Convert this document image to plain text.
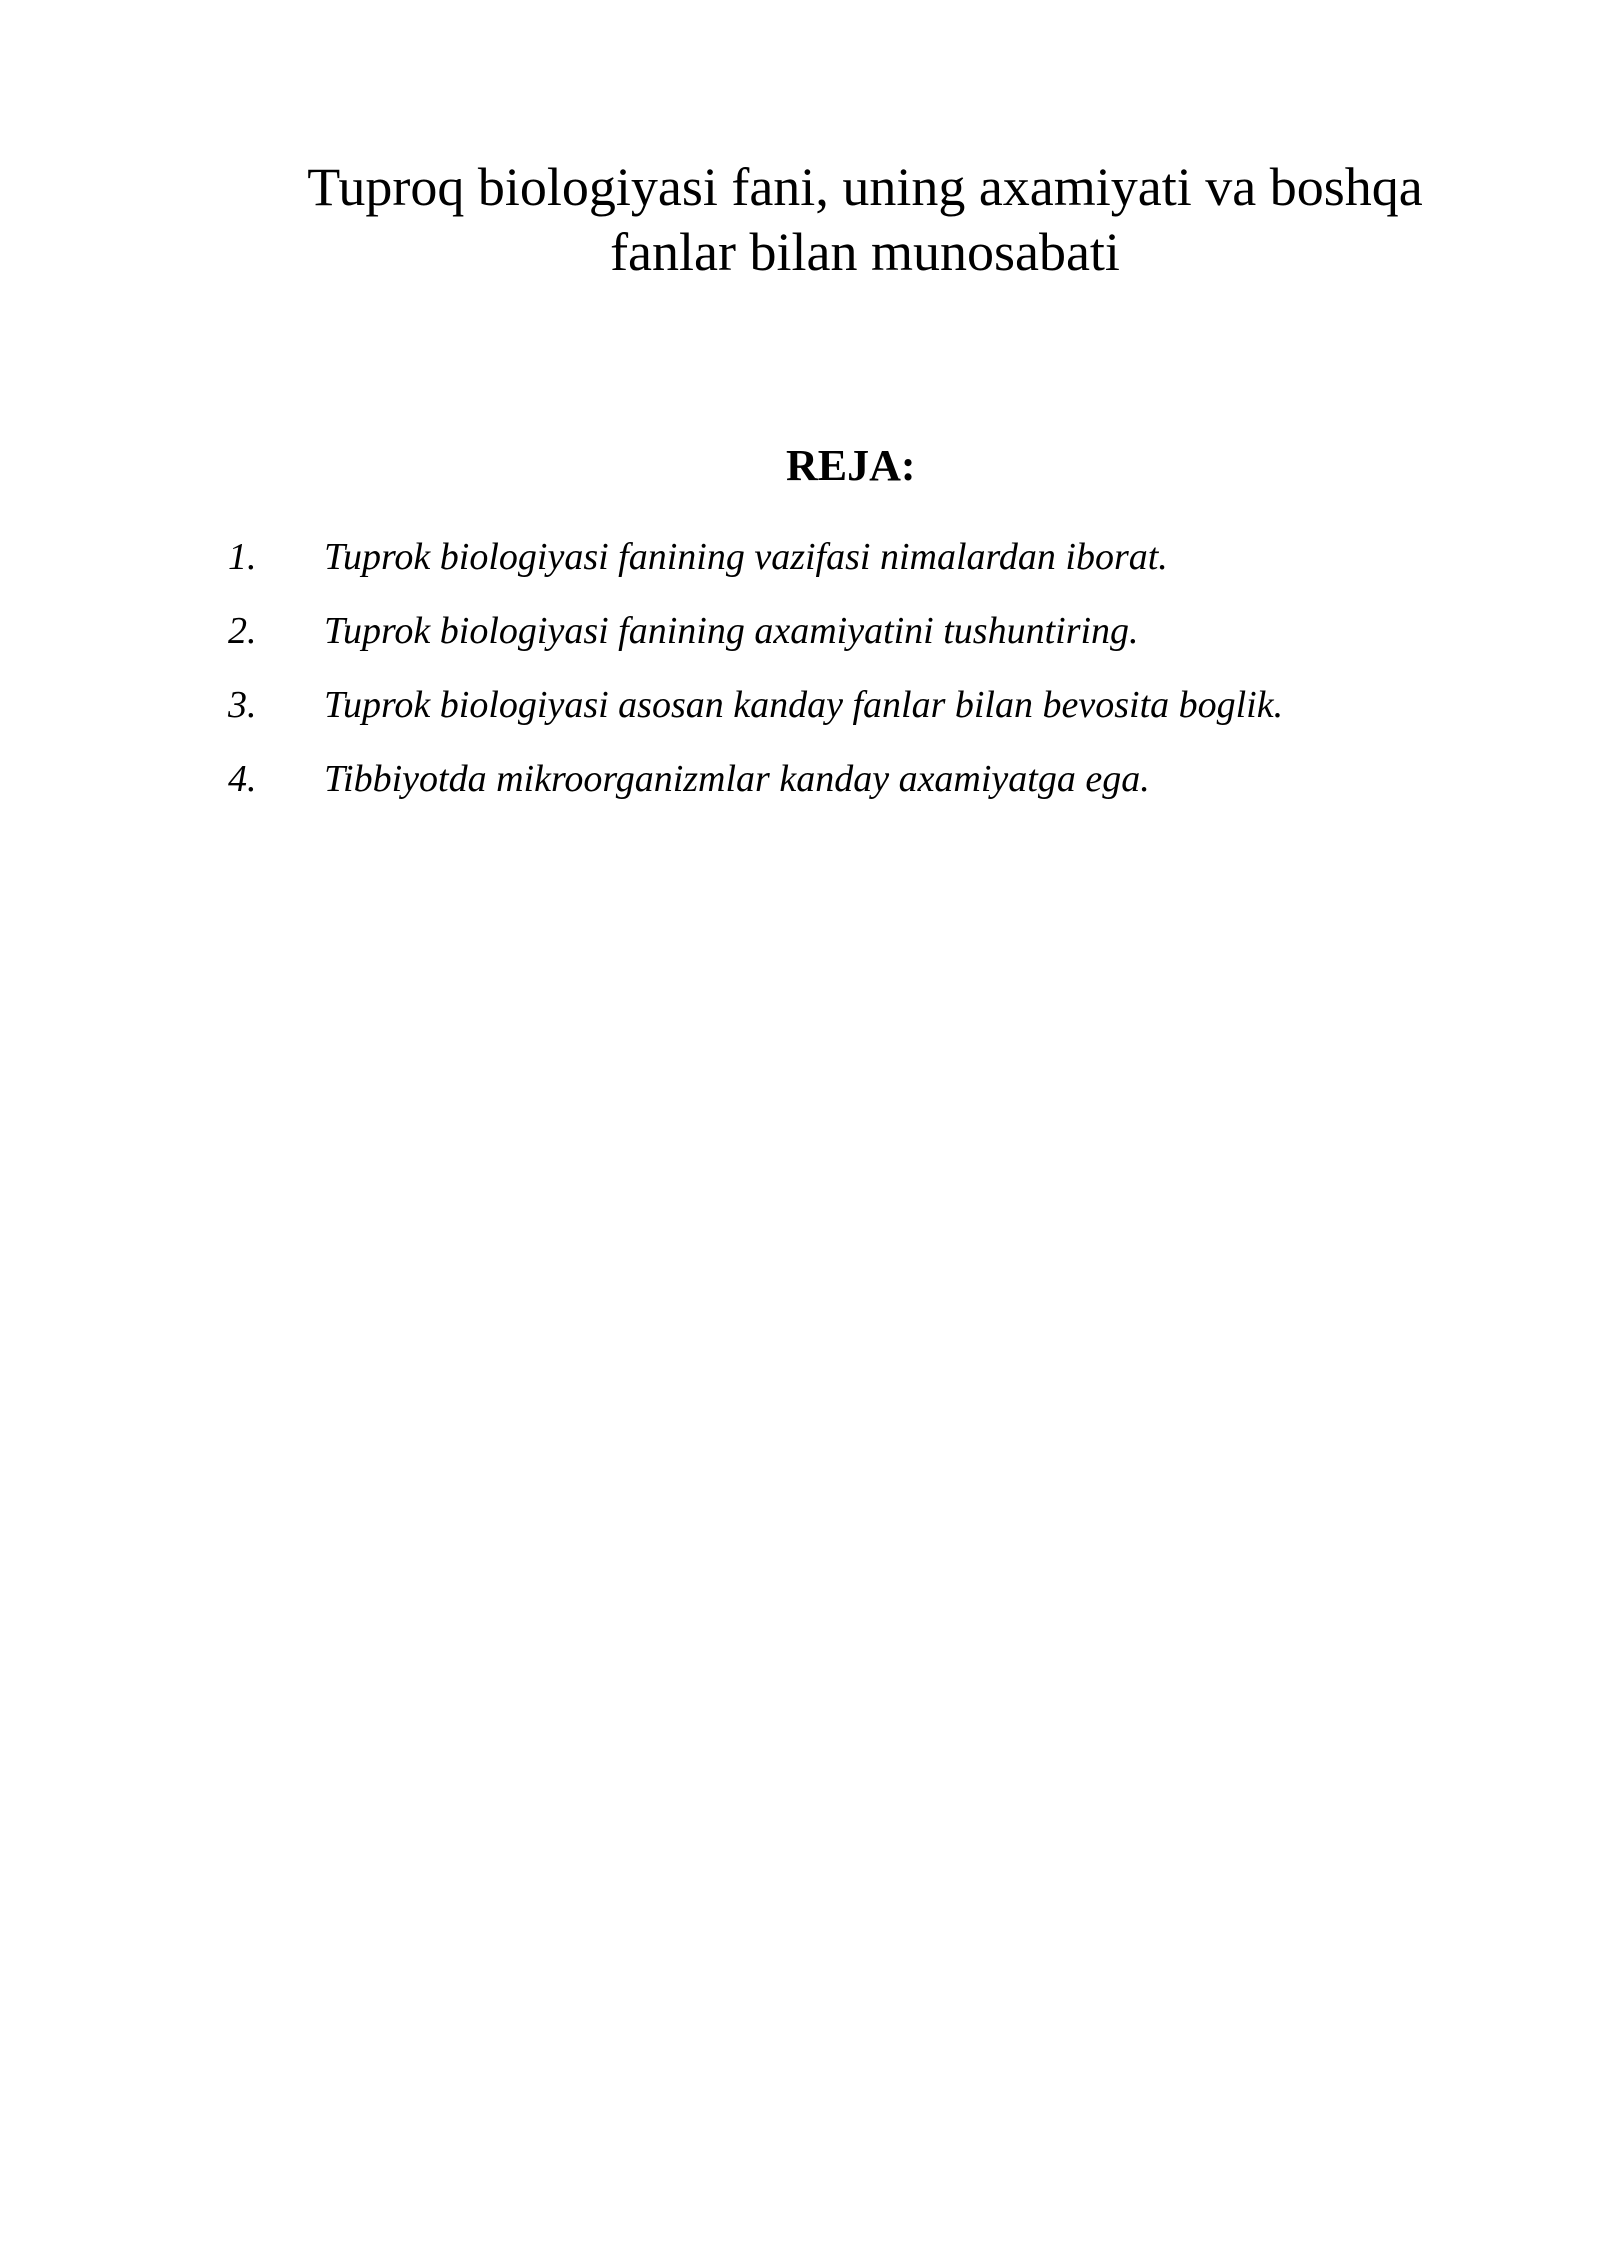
Tuproq biologiyasi fani, uning axamiyati va boshqa
fanlar bilan munosabati
REJA:
1.	Tuprok biologiyasi fanining vazifasi nimalardan iborat.
2.	Tuprok biologiyasi fanining axamiyatini tushuntiring.
3.	Tuprok biologiyasi asosan kanday fanlar bilan bevosita boglik.
4.	Tibbiyotda mikroorganizmlar kanday axamiyatga ega.
